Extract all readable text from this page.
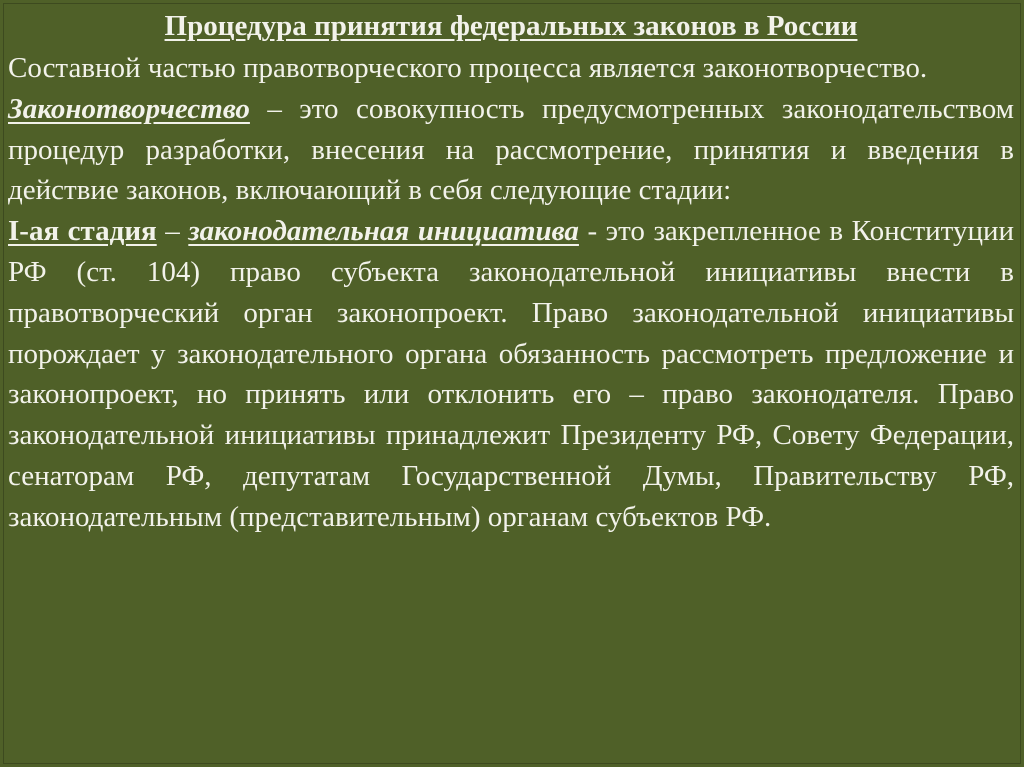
Процедура принятия федеральных законов в России

Составной частью правотворческого процесса является законотворчество.

Законотворчество – это совокупность предусмотренных законодательством процедур разработки, внесения на рассмотрение, принятия и введения в действие законов, включающий в себя следующие стадии:

I-ая стадия – законодательная инициатива - это закрепленное в Конституции РФ (ст. 104) право субъекта законодательной инициативы внести в правотворческий орган законопроект. Право законодательной инициативы порождает у законодательного органа обязанность рассмотреть предложение и законопроект, но принять или отклонить его – право законодателя. Право законодательной инициативы принадлежит Президенту РФ, Совету Федерации, сенаторам РФ, депутатам Государственной Думы, Правительству РФ, законодательным (представительным) органам субъектов РФ.
